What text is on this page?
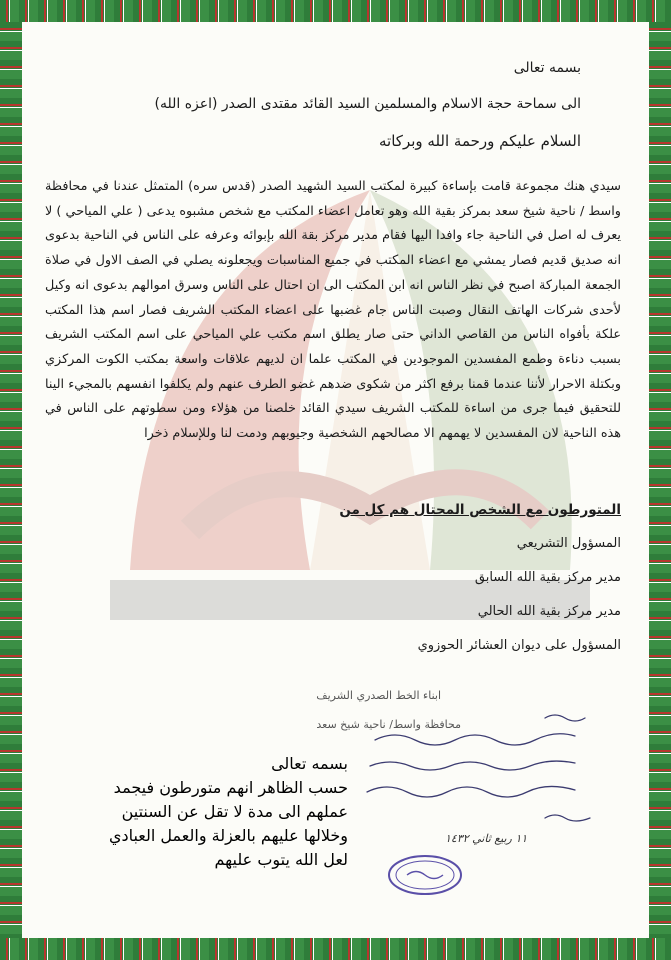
بسمه تعالى
الى سماحة حجة الاسلام والمسلمين السيد القائد مقتدى الصدر (اعزه الله)
السلام عليكم ورحمة الله وبركاته
سيدي هنك مجموعة قامت بإساءة كبيرة لمكتب السيد الشهيد الصدر (قدس سره) المتمثل عندنا في محافظة واسط / ناحية شيخ سعد بمركز بقية الله وهو تعامل اعضاء المكتب مع شخص مشبوه يدعى ( علي المياحي ) لا يعرف له اصل في الناحية جاء وافدا اليها فقام مدير مركز بقة الله بإبوائه وعرفه على الناس في الناحية بدعوى انه صديق قديم فصار يمشي مع اعضاء المكتب في جميع المناسبات ويجعلونه يصلي في الصف الاول في صلاة الجمعة المباركة اصبح في نظر الناس انه ابن المكتب الى ان احتال على الناس وسرق اموالهم بدعوى انه وكيل لأحدى شركات الهاتف النقال وصبت الناس جام غضبها على اعضاء المكتب الشريف فصار اسم هذا المكتب علكة بأفواه الناس من القاصي الداني حتى صار يطلق اسم مكتب علي المياحي على اسم المكتب الشريف بسبب دناءة وطمع المفسدين الموجودين في المكتب علما ان لديهم علاقات واسعة بمكتب الكوت المركزي وبكتلة الاحرار لأننا عندما قمنا برفع اكثر من شكوى ضدهم غضو الطرف عنهم ولم يكلفوا انفسهم بالمجيء الينا للتحقيق فيما جرى من اساءة للمكتب الشريف سيدي القائد خلصنا من هؤلاء ومن سطوتهم على الناس في هذه الناحية لان المفسدين لا يهمهم الا مصالحهم الشخصية وجيوبهم ودمت لنا وللإسلام ذخرا
المتورطون مع الشخص المحتال هم كل من
المسؤول التشريعي
مدير مركز بقية الله السابق
مدير مركز بقية الله الحالي
المسؤول على ديوان العشائر الحوزوي
ابناء الخط الصدري الشريف
محافظة واسط/ ناحية شيخ سعد
بسمه تعالى
حسب الظاهر انهم متورطون فيجمد
عملهم الى مدة لا تقل عن السنتين
وخلالها عليهم بالعزلة والعمل العبادي
لعل الله يتوب عليهم
١١ ربيع ثاني ١٤٣٢
